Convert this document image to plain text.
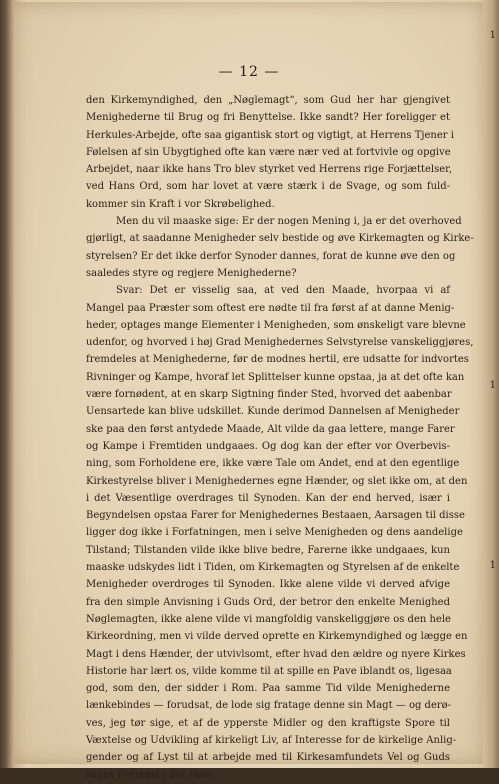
— 12 —
den Kirkemyndighed, den „Nøglemagt“, som Gud her har gjengivet
Menighederne til Brug og fri Benyttelse. Ikke sandt? Her foreligger et
Herkules-Arbejde, ofte saa gigantisk stort og vigtigt, at Herrens Tjener i
Følelsen af sin Ubygtighed ofte kan være nær ved at fortvivle og opgive
Arbejdet, naar ikke hans Tro blev styrket ved Herrens rige Forjættelser,
ved Hans Ord, som har lovet at være stærk i de Svage, og som fuld-
kommer sin Kraft i vor Skrøbelighed.
Men du vil maaske sige: Er der nogen Mening i, ja er det overhoved
gjørligt, at saadanne Menigheder selv bestide og øve Kirkemagten og Kirke-
styrelsen? Er det ikke derfor Synoder dannes, forat de kunne øve den og
saaledes styre og regjere Menighederne?
Svar: Det er visselig saa, at ved den Maade, hvorpaa vi af
Mangel paa Præster som oftest ere nødte til fra først af at danne Menig-
heder, optages mange Elementer i Menigheden, som ønskeligt vare blevne
udenfor, og hvorved i høj Grad Menighedernes Selvstyrelse vanskeliggjøres,
fremdeles at Menighederne, før de modnes hertil, ere udsatte for indvortes
Rivninger og Kampe, hvoraf let Splittelser kunne opstaa, ja at det ofte kan
være fornødent, at en skarp Sigtning finder Sted, hvorved det aabenbar
Uensartede kan blive udskillet. Kunde derimod Dannelsen af Menigheder
ske paa den først antydede Maade, Alt vilde da gaa lettere, mange Farer
og Kampe i Fremtiden undgaaes. Og dog kan der efter vor Overbevis-
ning, som Forholdene ere, ikke være Tale om Andet, end at den egentlige
Kirkestyrelse bliver i Menighedernes egne Hænder, og slet ikke om, at den
i det Væsentlige overdrages til Synoden. Kan der end herved, især i
Begyndelsen opstaa Farer for Menighedernes Bestaaen, Aarsagen til disse
ligger dog ikke i Forfatningen, men i selve Menigheden og dens aandelige
Tilstand; Tilstanden vilde ikke blive bedre, Farerne ikke undgaaes, kun
maaske udskydes lidt i Tiden, om Kirkemagten og Styrelsen af de enkelte
Menigheder overdroges til Synoden. Ikke alene vilde vi derved afvige
fra den simple Anvisning i Guds Ord, der betror den enkelte Menighed
Nøglemagten, ikke alene vilde vi mangfoldig vanskeliggjøre os den hele
Kirkeordning, men vi vilde derved oprette en Kirkemyndighed og lægge en
Magt i dens Hænder, der utvivlsomt, efter hvad den ældre og nyere Kirkes
Historie har lært os, vilde komme til at spille en Pave iblandt os, ligesaa
god, som den, der sidder i Rom. Paa samme Tid vilde Menighederne
lænkebindes — forudsat, de lode sig fratage denne sin Magt — og derø-
ves, jeg tør sige, et af de ypperste Midler og den kraftigste Spore til
Væxtelse og Udvikling af kirkeligt Liv, af Interesse for de kirkelige Anlig-
gender og af Lyst til at arbejde med til Kirkesamfundets Vel og Guds
Riges Fremme i det Hele.
1
1
1
